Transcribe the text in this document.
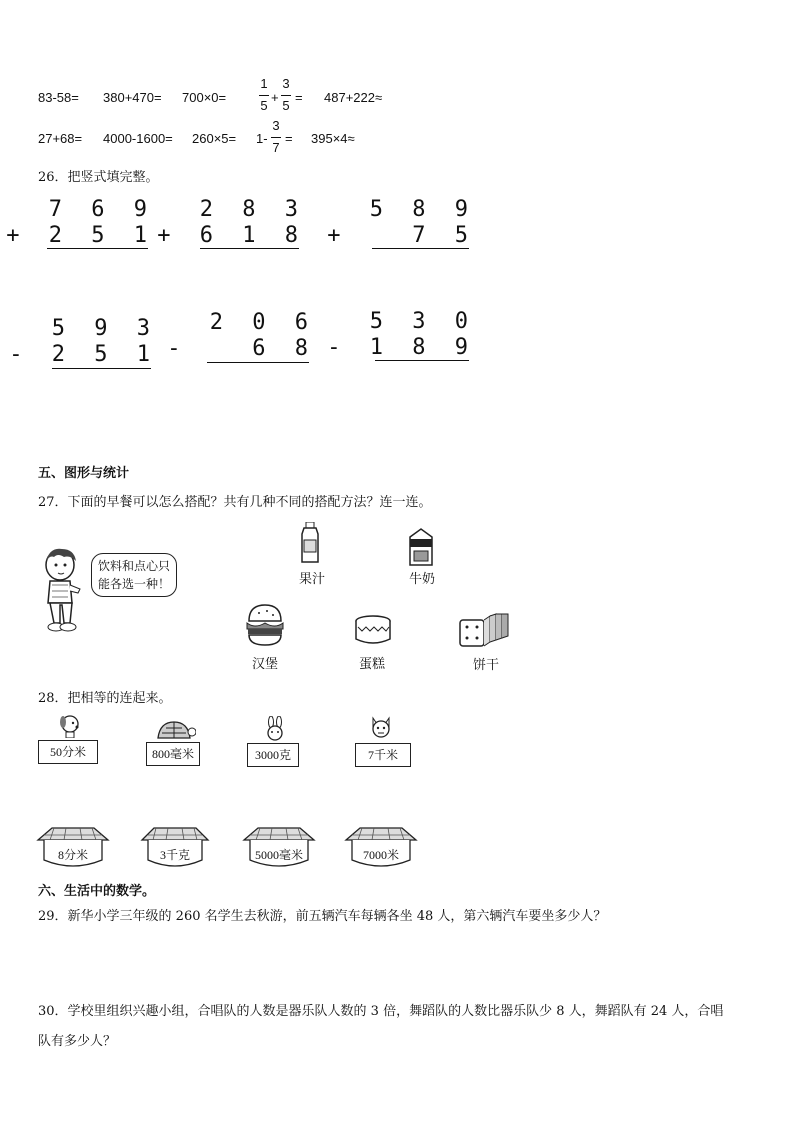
83-58= 380+470= 700×0=
1
5
+
3
5
= 487+222≈
27+68= 4000-1600= 260×5= 1-
3
7
= 395×4≈
26．把竖式填完整。
7 6 9
+ 2 5 1
2 8 3
+ 6 1 8
5 8 9
+   7 5
5 9 3
- 2 5 1
2 0 6
-   6 8
5 3 0
- 1 8 9
五、图形与统计
27．下面的早餐可以怎么搭配？共有几种不同的搭配方法？连一连。
饮料和点心只
能各选一种！	果汁	牛奶
汉堡	蛋糕	饼干
28．把相等的连起来。
50分米	800毫米	3000克	7千米
8分米	3千克	5000毫米	7000米
六、生活中的数学。
29．新华小学三年级的 260 名学生去秋游，前五辆汽车每辆各坐 48 人，第六辆汽车要坐多少人？
30．学校里组织兴趣小组，合唱队的人数是器乐队人数的 3 倍，舞蹈队的人数比器乐队少 8 人，舞蹈队有 24 人，合唱
队有多少人？
